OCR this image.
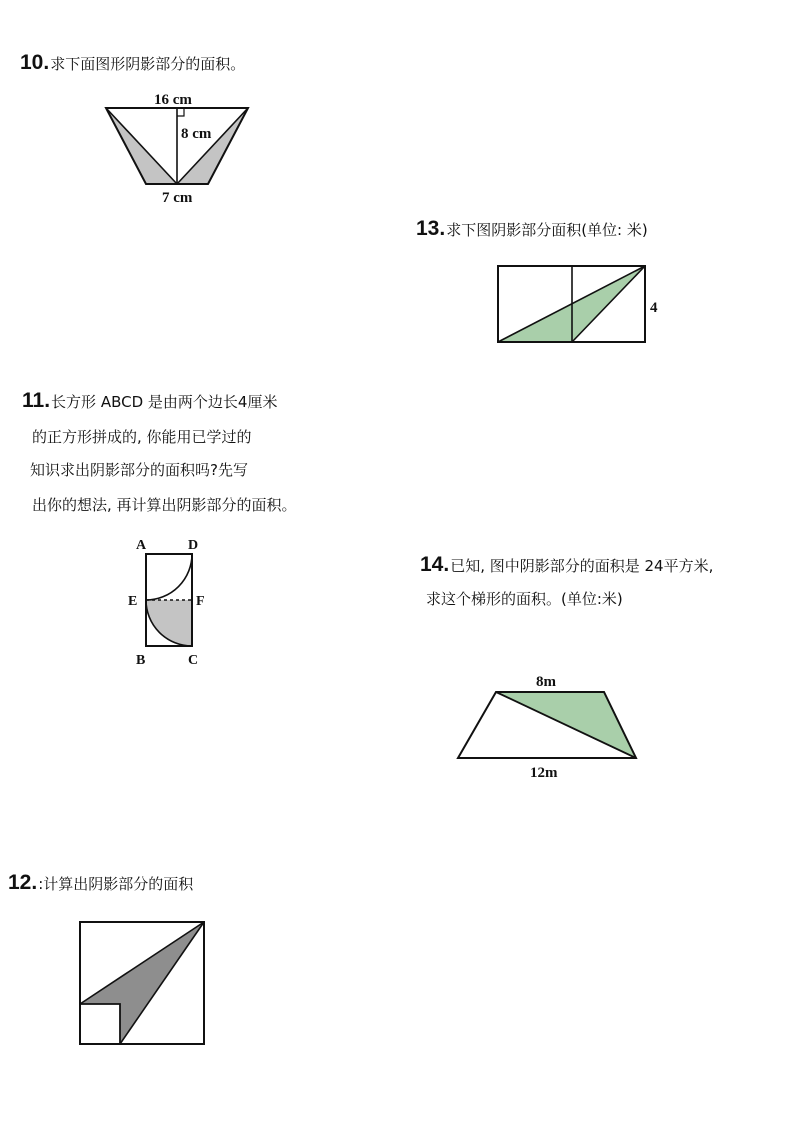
10.求下面图形阴影部分的面积。
16 cm
8 cm
7 cm
13.求下图阴影部分面积(单位: 米)
4
11.长方形 ABCD 是由两个边长4厘米
的正方形拼成的, 你能用已学过的
知识求出阴影部分的面积吗?先写
出你的想法, 再计算出阴影部分的面积。
A	D
E	F
B	C
14.已知, 图中阴影部分的面积是 24平方米,
求这个梯形的面积。(单位:米)
8m
12m
12.:计算出阴影部分的面积
